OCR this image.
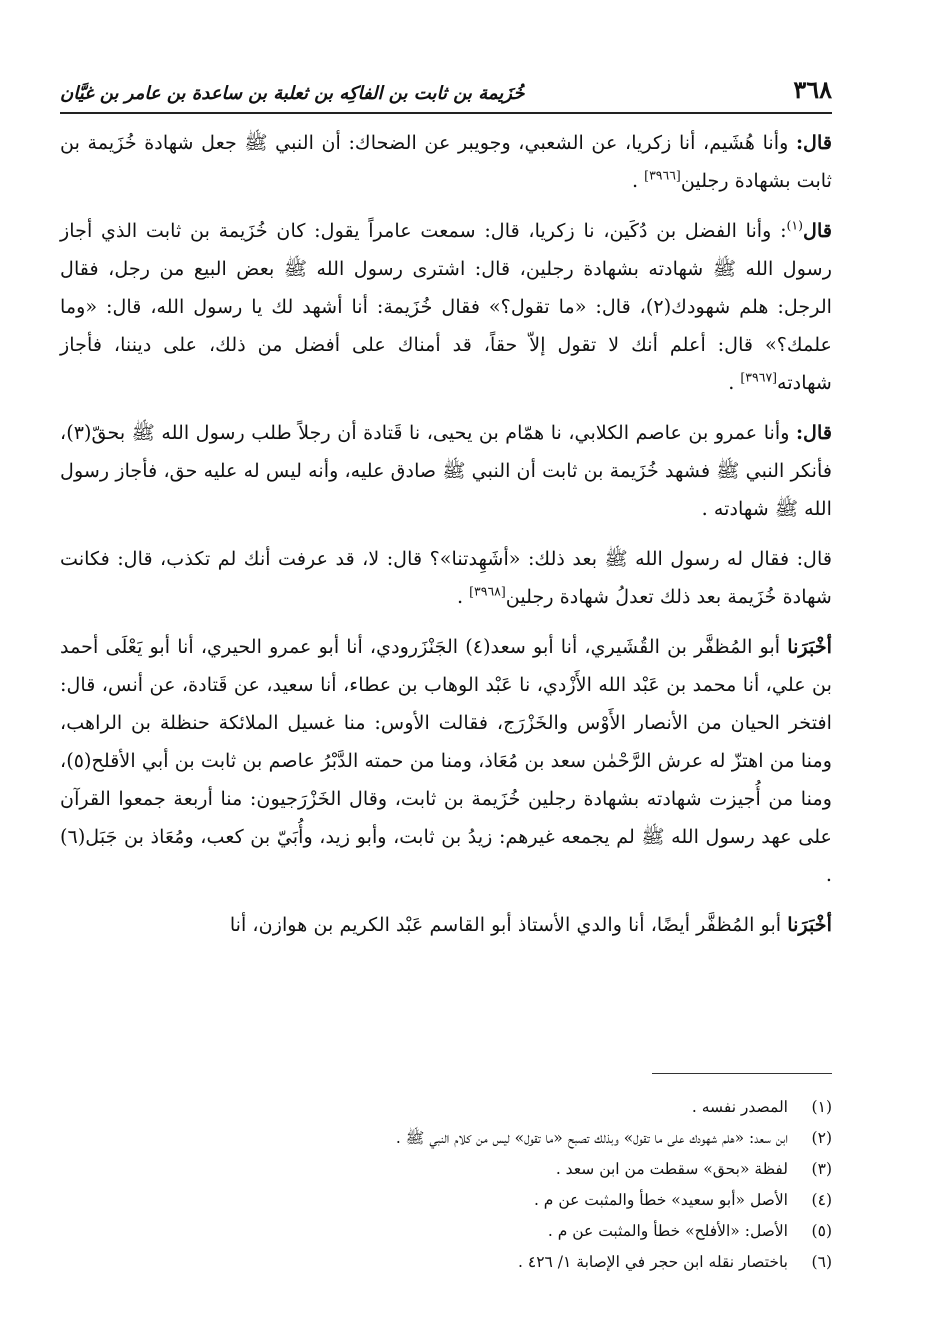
٣٦٨
خُزَيمة بن ثابت بن الفاكِه بن ثعلبة بن ساعدة بن عامر بن غيَّان

قال: وأنا هُشَيم، أنا زكريا، عن الشعبي، وجويبر عن الضحاك: أن النبي ﷺ جعل شهادة خُزَيمة بن ثابت بشهادة رجلين[٣٩٦٦] .

قال$^{(١)}$: وأنا الفضل بن دُكَين، نا زكريا، قال: سمعت عامراً يقول: كان خُزَيمة بن ثابت الذي أجاز رسول الله ﷺ شهادته بشهادة رجلين، قال: اشترى رسول الله ﷺ بعض البيع من رجل، فقال الرجل: هلم شهودك(٢)، قال: «ما تقول؟» فقال خُزَيمة: أنا أشهد لك يا رسول الله، قال: «وما علمك؟» قال: أعلم أنك لا تقول إلاّ حقاً، قد أمناك على أفضل من ذلك، على ديننا، فأجاز شهادته[٣٩٦٧] .

قال: وأنا عمرو بن عاصم الكلابي، نا همّام بن يحيى، نا قَتادة أن رجلاً طلب رسول الله ﷺ بحقّ(٣)، فأنكر النبي ﷺ فشهد خُزَيمة بن ثابت أن النبي ﷺ صادق عليه، وأنه ليس له عليه حق، فأجاز رسول الله ﷺ شهادته .

قال: فقال له رسول الله ﷺ بعد ذلك: «أشَهِدتنا»؟ قال: لا، قد عرفت أنك لم تكذب، قال: فكانت شهادة خُزَيمة بعد ذلك تعدلُ شهادة رجلين[٣٩٦٨] .

أخْبَرَنا أبو المُظفَّر بن القُشَيري، أنا أبو سعد(٤) الجَنْزَرودي، أنا أبو عمرو الحيري، أنا أبو يَعْلَى أحمد بن علي، أنا محمد بن عَبْد الله الأَزْدي، نا عَبْد الوهاب بن عطاء، أنا سعيد، عن قَتادة، عن أنس، قال: افتخر الحيان من الأنصار الأَوْس والخَزْرَج، فقالت الأوس: منا غسيل الملائكة حنظلة بن الراهب، ومنا من اهتزّ له عرش الرَّحْمٰن سعد بن مُعَاذ، ومنا من حمته الدَّبْرُ عاصم بن ثابت بن أبي الأقلح(٥)، ومنا من أُجيزت شهادته بشهادة رجلين خُزَيمة بن ثابت، وقال الخَزْرَجيون: منا أربعة جمعوا القرآن على عهد رسول الله ﷺ لم يجمعه غيرهم: زيدُ بن ثابت، وأبو زيد، وأُبَيّ بن كعب، ومُعَاذ بن جَبَل(٦) .

أخْبَرَنا أبو المُظفَّر أيضًا، أنا والدي الأستاذ أبو القاسم عَبْد الكريم بن هوازن، أنا

(١)
المصدر نفسه .
(٢)
ابن سعد: «هلم شهودك على ما تقول» وبذلك تصبح «ما تقول» ليس من كلام النبي ﷺ .
(٣)
لفظة «بحق» سقطت من ابن سعد .
(٤)
الأصل «أبو سعيد» خطأ والمثبت عن م .
(٥)
الأصل: «الأفلح» خطأ والمثبت عن م .
(٦)
باختصار نقله ابن حجر في الإصابة ١/ ٤٢٦ .
